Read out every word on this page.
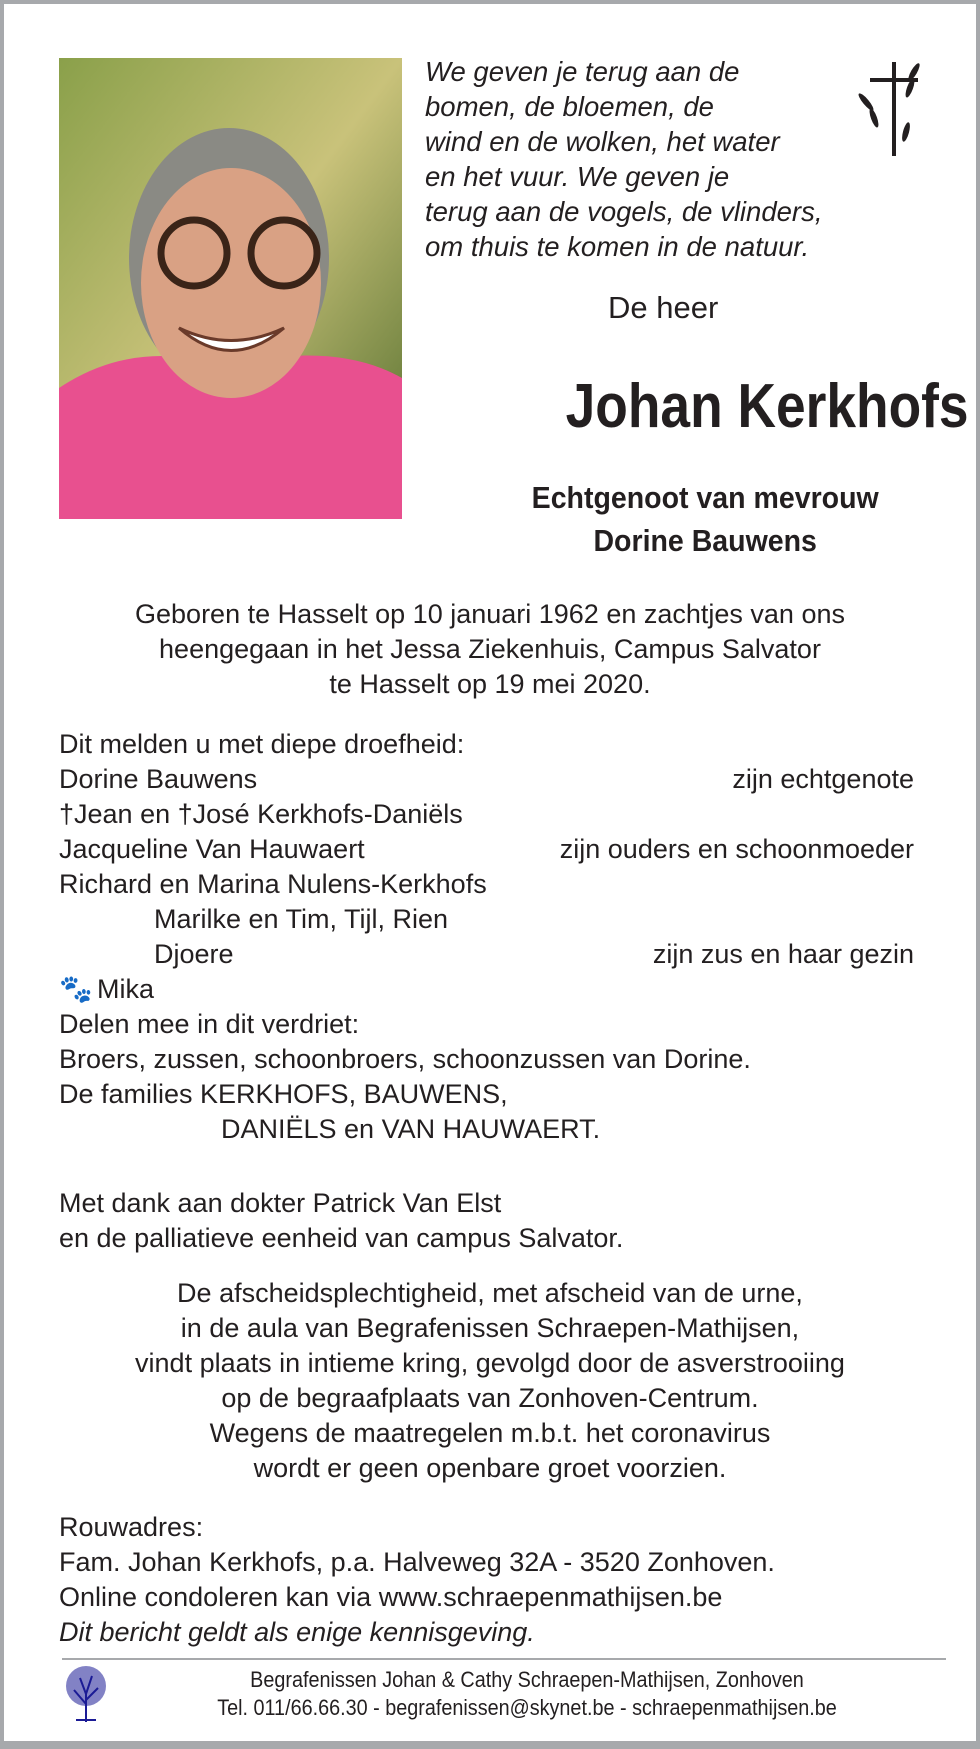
We geven je terug aan de
bomen, de bloemen, de
wind en de wolken, het water
en het vuur. We geven je
terug aan de vogels, de vlinders,
om thuis te komen in de natuur.
De heer
Johan Kerkhofs
Echtgenoot van mevrouw
Dorine Bauwens
Geboren te Hasselt op 10 januari 1962 en zachtjes van ons
heengegaan in het Jessa Ziekenhuis, Campus Salvator
te Hasselt op 19 mei 2020.
Dit melden u met diepe droefheid:
Dorine Bauwens	zijn echtgenote
†Jean en †José Kerkhofs-Daniëls
Jacqueline Van Hauwaert	zijn ouders en schoonmoeder
Richard en Marina Nulens-Kerkhofs
Marilke en Tim, Tijl, Rien
Djoere	zijn zus en haar gezin
🐾 Mika
Delen mee in dit verdriet:
Broers, zussen, schoonbroers, schoonzussen van Dorine.
De families KERKHOFS, BAUWENS,
DANIËLS en VAN HAUWAERT.
Met dank aan dokter Patrick Van Elst
en de palliatieve eenheid van campus Salvator.
De afscheidsplechtigheid, met afscheid van de urne,
in de aula van Begrafenissen Schraepen-Mathijsen,
vindt plaats in intieme kring, gevolgd door de asverstrooiing
op de begraafplaats van Zonhoven-Centrum.
Wegens de maatregelen m.b.t. het coronavirus
wordt er geen openbare groet voorzien.
Rouwadres:
Fam. Johan Kerkhofs, p.a. Halveweg 32A - 3520 Zonhoven.
Online condoleren kan via www.schraepenmathijsen.be
Dit bericht geldt als enige kennisgeving.
Begrafenissen Johan & Cathy Schraepen-Mathijsen, Zonhoven
Tel. 011/66.66.30 - begrafenissen@skynet.be - schraepenmathijsen.be
